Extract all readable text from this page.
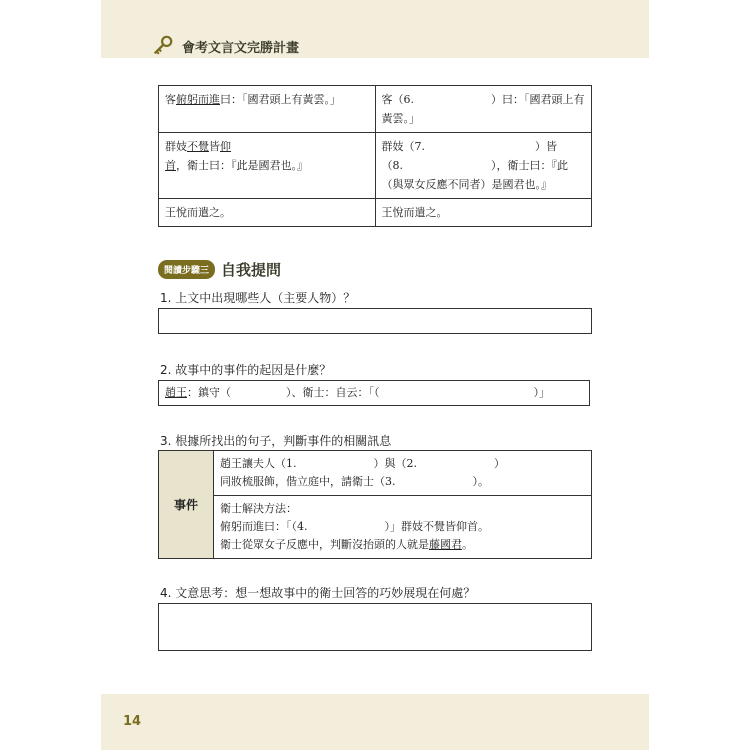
會考文言文完勝計畫
客俯躬而進曰：「國君頭上有黃雲。」	客（6.　　　　　　　）曰：「國君頭上有黃雲。」
群妓不覺皆仰首，衛士曰：『此是國君也。』	群妓（7.　　　　　　　　　　）皆
（8.　　　　　　　　），衛士曰：『此
（與眾女反應不同者）是國君也。』

王悅而遣之。	王悅而遣之。
閱讀步驟三 自我提問
1. 上文中出現哪些人（主要人物）？
2. 故事中的事件的起因是什麼？
趙王：鎮守（　　　　　）、衛士：自云：「（　　　　　　　　　　　　　　）」
3. 根據所找出的句子，判斷事件的相關訊息
事件	
趙王讓夫人（1.　　　　　　　）與（2.　　　　　　　）
同妝梳服飾，偕立庭中，請衛士（3.　　　　　　　）。

衛士解決方法：
俯躬而進曰：「（4.　　　　　　　）」群妓不覺皆仰首。
衛士從眾女子反應中，判斷沒抬頭的人就是藤國君。
4. 文意思考：想一想故事中的衛士回答的巧妙展現在何處？
14
